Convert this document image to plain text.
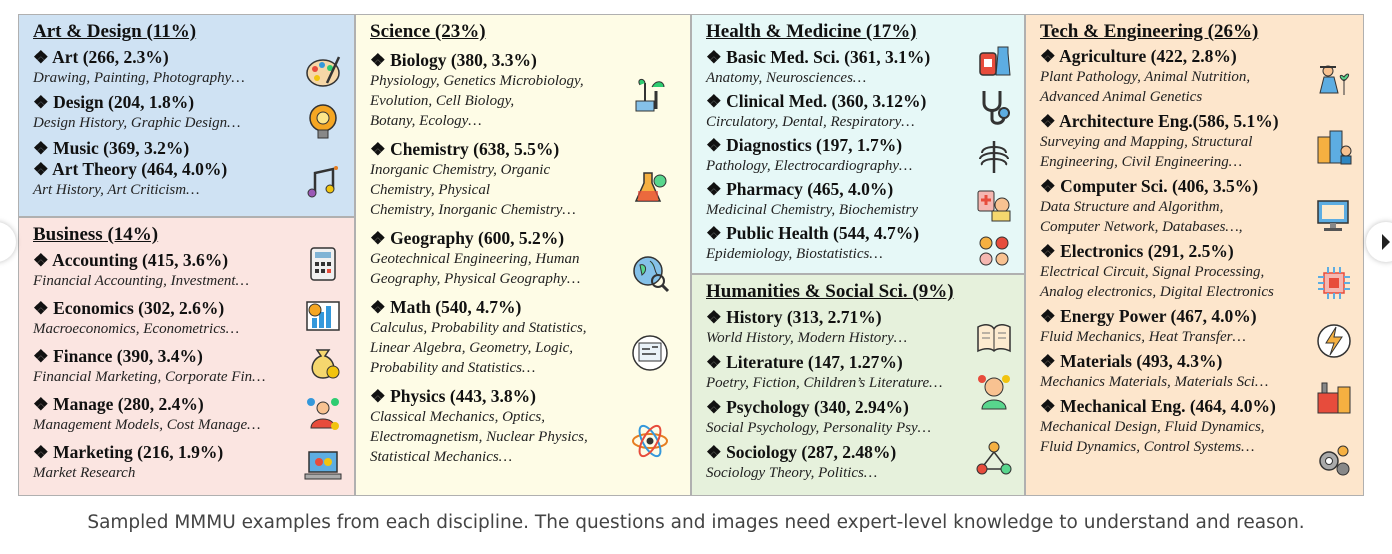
Art & Design (11%)
❖ Art (266, 2.3%)
Drawing, Painting, Photography…
❖ Design (204, 1.8%)
Design History, Graphic Design…
❖ Music (369, 3.2%)
❖ Art Theory (464, 4.0%)
Art History, Art Criticism…
Business (14%)
❖ Accounting (415, 3.6%)
Financial Accounting, Investment…
❖ Economics (302, 2.6%)
Macroeconomics, Econometrics…
❖ Finance (390, 3.4%)
Financial Marketing, Corporate Fin…
❖ Manage (280, 2.4%)
Management Models, Cost Manage…
❖ Marketing (216, 1.9%)
Market Research
Science (23%)
❖ Biology (380, 3.3%)
Physiology, Genetics Microbiology,
Evolution, Cell Biology,
Botany, Ecology…
❖ Chemistry (638, 5.5%)
Inorganic Chemistry, Organic
Chemistry, Physical
Chemistry, Inorganic Chemistry…
❖ Geography (600, 5.2%)
Geotechnical Engineering, Human
Geography, Physical Geography…
❖ Math (540, 4.7%)
Calculus, Probability and Statistics,
Linear Algebra, Geometry, Logic,
Probability and Statistics…
❖ Physics (443, 3.8%)
Classical Mechanics, Optics,
Electromagnetism, Nuclear Physics,
Statistical Mechanics…
Health & Medicine (17%)
❖ Basic Med. Sci. (361, 3.1%)
Anatomy, Neurosciences…
❖ Clinical Med. (360, 3.12%)
Circulatory, Dental, Respiratory…
❖ Diagnostics (197, 1.7%)
Pathology, Electrocardiography…
❖ Pharmacy (465, 4.0%)
Medicinal Chemistry, Biochemistry
❖ Public Health (544, 4.7%)
Epidemiology, Biostatistics…
Humanities & Social Sci. (9%)
❖ History (313, 2.71%)
World History, Modern History…
❖ Literature (147, 1.27%)
Poetry, Fiction, Children’s Literature…
❖ Psychology (340, 2.94%)
Social Psychology, Personality Psy…
❖ Sociology (287, 2.48%)
Sociology Theory, Politics…
Tech & Engineering (26%)
❖ Agriculture (422, 2.8%)
Plant Pathology, Animal Nutrition,
Advanced Animal Genetics
❖ Architecture Eng.(586, 5.1%)
Surveying and Mapping, Structural
Engineering, Civil Engineering…
❖ Computer Sci. (406, 3.5%)
Data Structure and Algorithm,
Computer Network, Databases…,
❖ Electronics (291, 2.5%)
Electrical Circuit, Signal Processing,
Analog electronics, Digital Electronics
❖ Energy Power (467, 4.0%)
Fluid Mechanics, Heat Transfer…
❖ Materials (493, 4.3%)
Mechanics Materials, Materials Sci…
❖ Mechanical Eng. (464, 4.0%)
Mechanical Design, Fluid Dynamics,
Fluid Dynamics, Control Systems…
Sampled MMMU examples from each discipline. The questions and images need expert-level knowledge to understand and reason.
